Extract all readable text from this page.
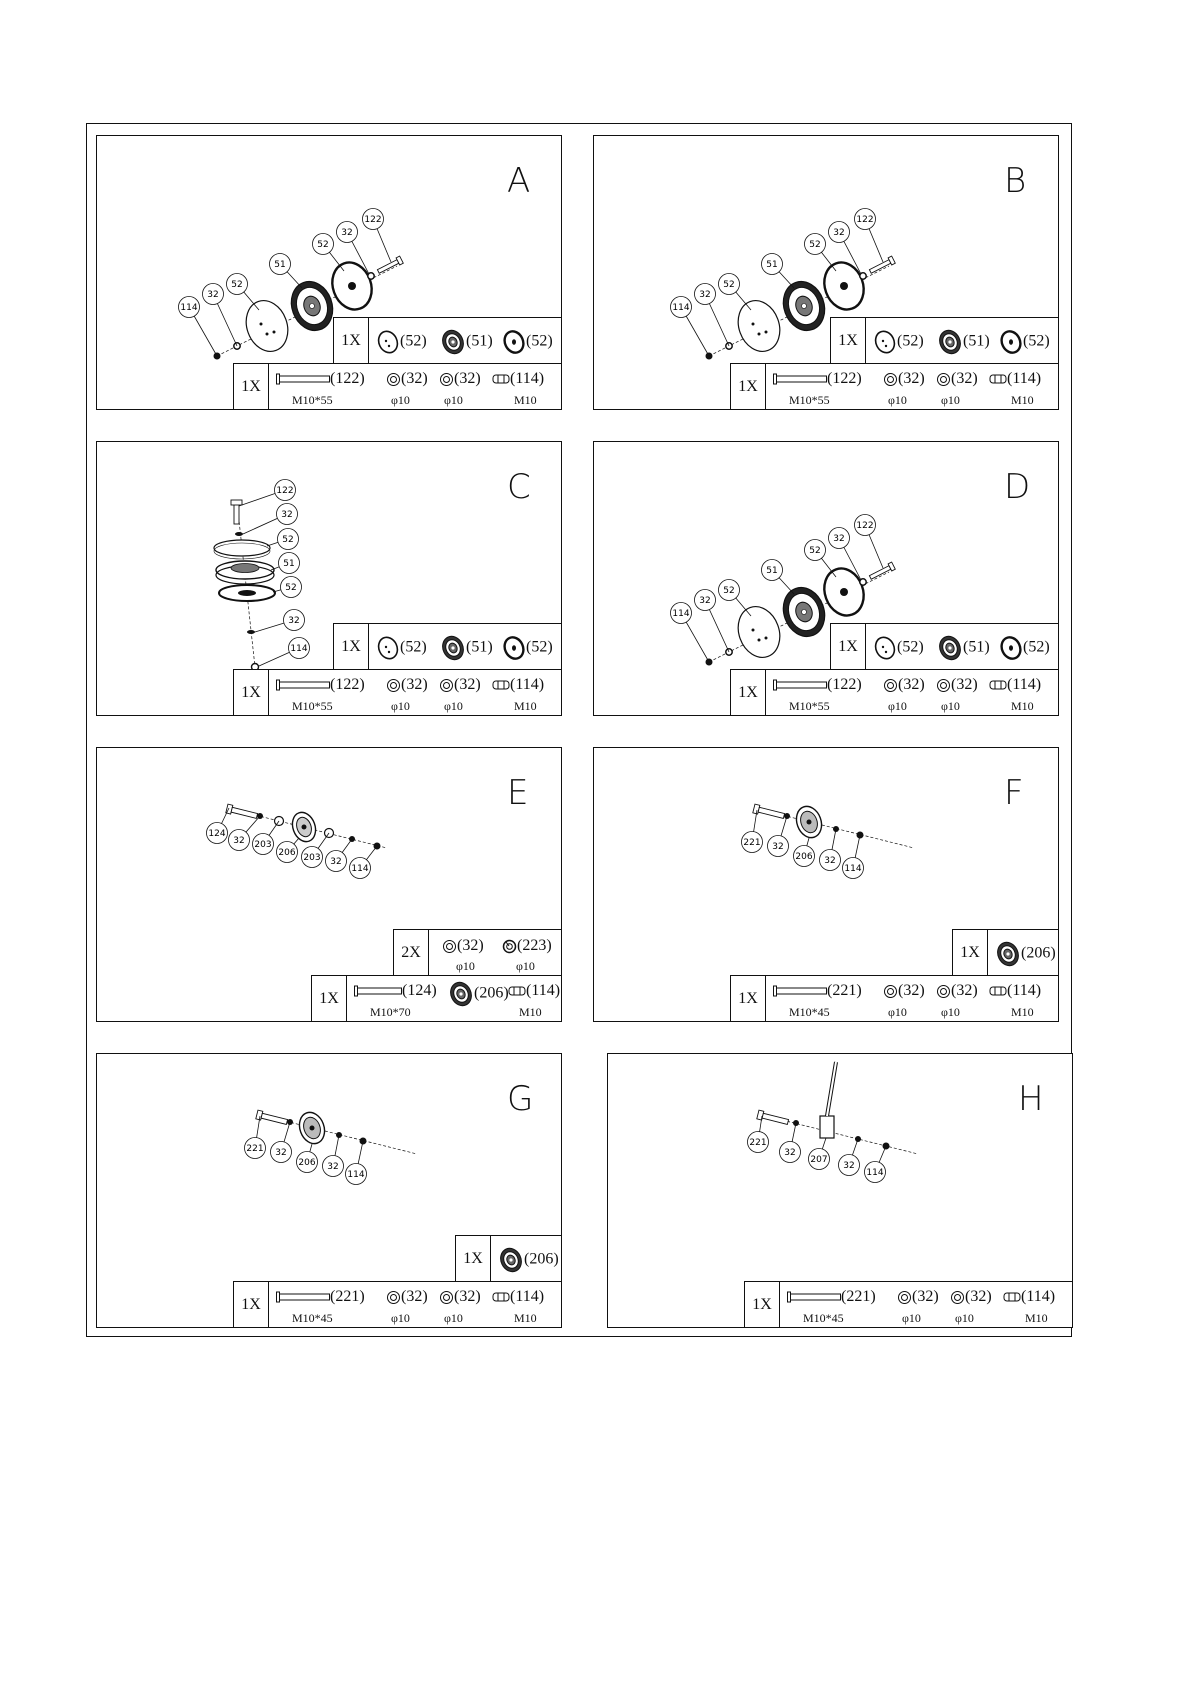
114
32
52
51
52
32
122
A
1X	(52)	(51)	(52)
1X	(122)	(32)	(32)	(114)
M10*55	φ10	φ10	M10
114
32
52
51
52
32
122
B
1X	(52)	(51)	(52)
1X	(122)	(32)	(32)	(114)
M10*55	φ10	φ10	M10
122
32
52
51
52
32
114
C
1X	(52)	(51)	(52)
1X	(122)	(32)	(32)	(114)
M10*55	φ10	φ10	M10
114
32
52
51
52
32
122
D
1X	(52)	(51)	(52)
1X	(122)	(32)	(32)	(114)
M10*55	φ10	φ10	M10
124
32 203
206 203 32
114
E
2X	(32)	(223)
φ10	φ10
1X	(124)	(206)	(114)
M10*70	M10
221 32
206 32
114
F
1X	(206)
1X	(221)	(32)	(32)	(114)
M10*45	φ10	φ10	M10
221 32
206 32
114
G
1X	(206)
1X	(221)	(32)	(32)	(114)
M10*45	φ10	φ10	M10
221
32
207
32
114
H
1X	(221)	(32)	(32)	(114)
M10*45	φ10	φ10	M10
